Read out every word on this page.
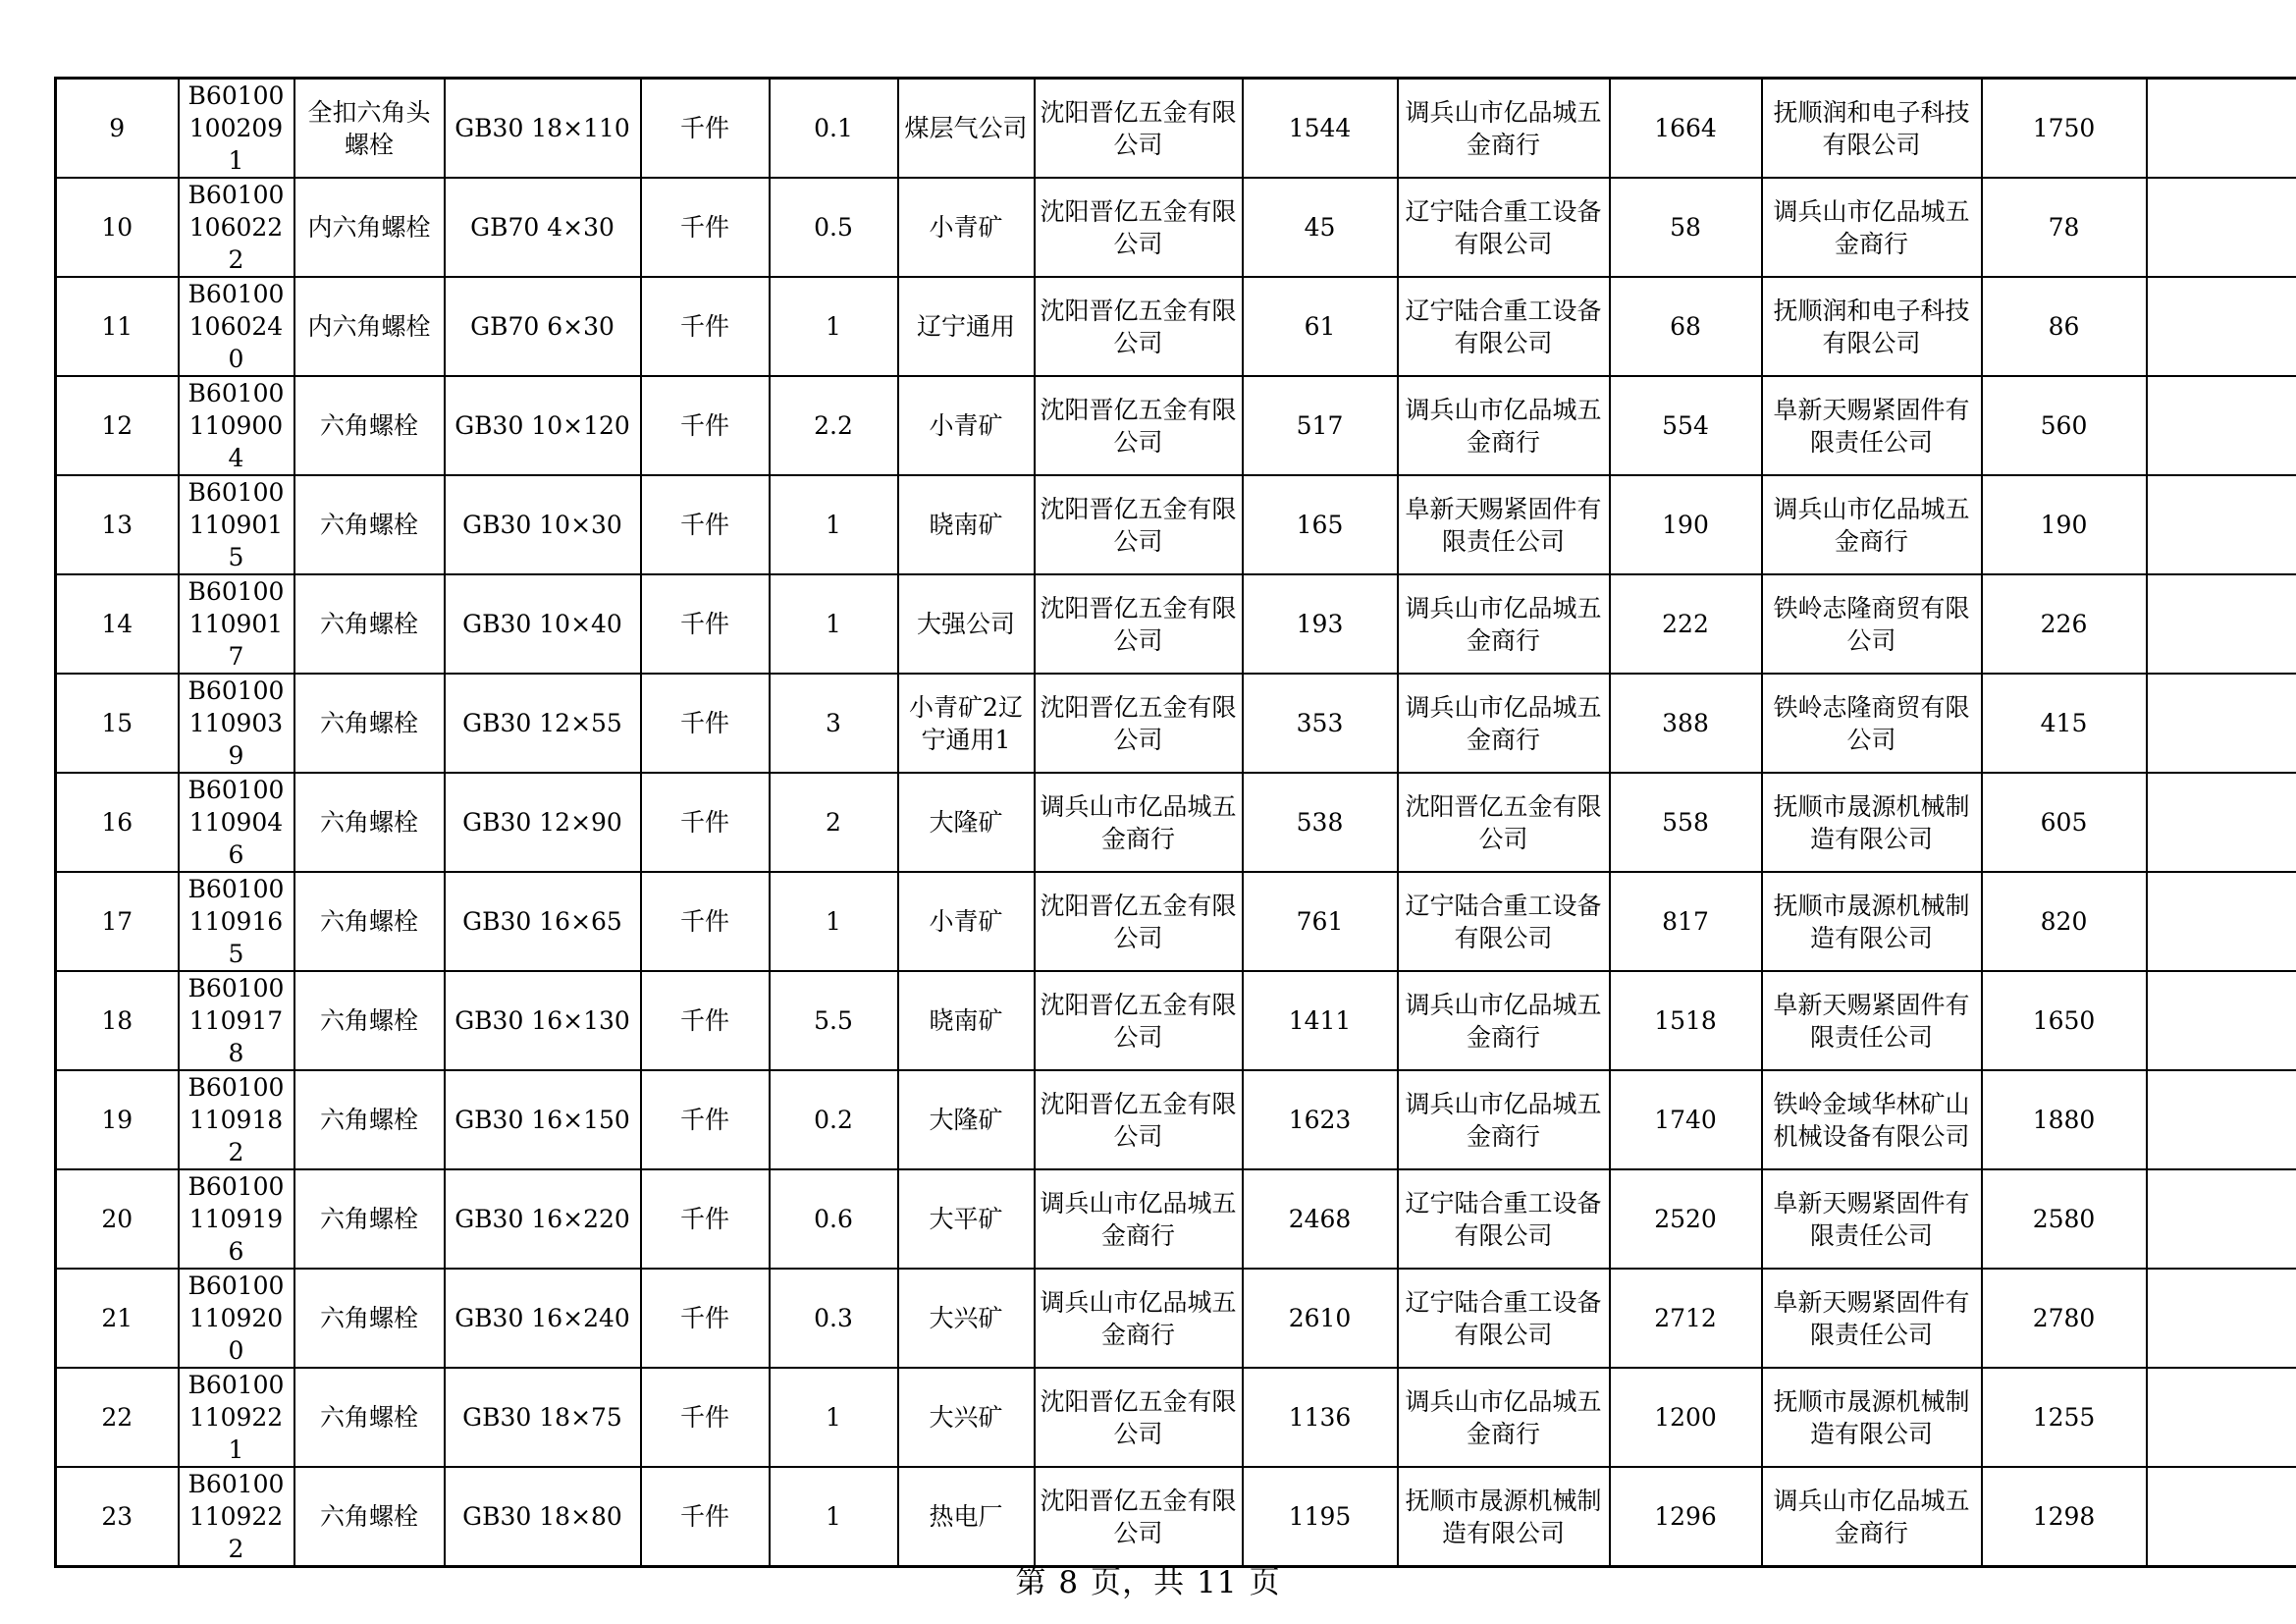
9	B601001002091	全扣六角头螺栓	GB30 18×110	千件	0.1	煤层气公司	沈阳晋亿五金有限公司	1544	调兵山市亿品城五金商行	1664	抚顺润和电子科技有限公司	1750	
10	B601001060222	内六角螺栓	GB70 4×30	千件	0.5	小青矿	沈阳晋亿五金有限公司	45	辽宁陆合重工设备有限公司	58	调兵山市亿品城五金商行	78	
11	B601001060240	内六角螺栓	GB70 6×30	千件	1	辽宁通用	沈阳晋亿五金有限公司	61	辽宁陆合重工设备有限公司	68	抚顺润和电子科技有限公司	86	
12	B601001109004	六角螺栓	GB30 10×120	千件	2.2	小青矿	沈阳晋亿五金有限公司	517	调兵山市亿品城五金商行	554	阜新天赐紧固件有限责任公司	560	
13	B601001109015	六角螺栓	GB30 10×30	千件	1	晓南矿	沈阳晋亿五金有限公司	165	阜新天赐紧固件有限责任公司	190	调兵山市亿品城五金商行	190	
14	B601001109017	六角螺栓	GB30 10×40	千件	1	大强公司	沈阳晋亿五金有限公司	193	调兵山市亿品城五金商行	222	铁岭志隆商贸有限公司	226	
15	B601001109039	六角螺栓	GB30 12×55	千件	3	小青矿2辽宁通用1	沈阳晋亿五金有限公司	353	调兵山市亿品城五金商行	388	铁岭志隆商贸有限公司	415	
16	B601001109046	六角螺栓	GB30 12×90	千件	2	大隆矿	调兵山市亿品城五金商行	538	沈阳晋亿五金有限公司	558	抚顺市晟源机械制造有限公司	605	
17	B601001109165	六角螺栓	GB30 16×65	千件	1	小青矿	沈阳晋亿五金有限公司	761	辽宁陆合重工设备有限公司	817	抚顺市晟源机械制造有限公司	820	
18	B601001109178	六角螺栓	GB30 16×130	千件	5.5	晓南矿	沈阳晋亿五金有限公司	1411	调兵山市亿品城五金商行	1518	阜新天赐紧固件有限责任公司	1650	
19	B601001109182	六角螺栓	GB30 16×150	千件	0.2	大隆矿	沈阳晋亿五金有限公司	1623	调兵山市亿品城五金商行	1740	铁岭金域华林矿山机械设备有限公司	1880	
20	B601001109196	六角螺栓	GB30 16×220	千件	0.6	大平矿	调兵山市亿品城五金商行	2468	辽宁陆合重工设备有限公司	2520	阜新天赐紧固件有限责任公司	2580	
21	B601001109200	六角螺栓	GB30 16×240	千件	0.3	大兴矿	调兵山市亿品城五金商行	2610	辽宁陆合重工设备有限公司	2712	阜新天赐紧固件有限责任公司	2780	
22	B601001109221	六角螺栓	GB30 18×75	千件	1	大兴矿	沈阳晋亿五金有限公司	1136	调兵山市亿品城五金商行	1200	抚顺市晟源机械制造有限公司	1255	
23	B601001109222	六角螺栓	GB30 18×80	千件	1	热电厂	沈阳晋亿五金有限公司	1195	抚顺市晟源机械制造有限公司	1296	调兵山市亿品城五金商行	1298	
第 8 页，共 11 页
